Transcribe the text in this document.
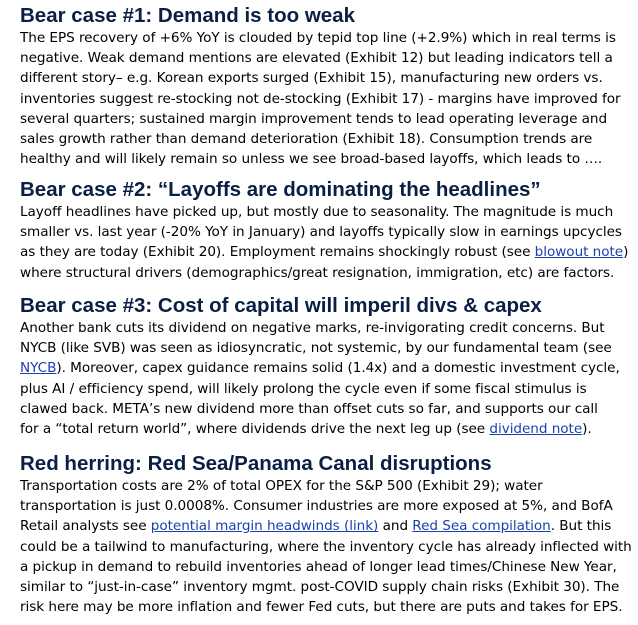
Bear case #1: Demand is too weak

The EPS recovery of +6% YoY is clouded by tepid top line (+2.9%) which in real terms is

negative. Weak demand mentions are elevated (Exhibit 12) but leading indicators tell a

different story– e.g. Korean exports surged (Exhibit 15), manufacturing new orders vs.

inventories suggest re-stocking not de-stocking (Exhibit 17) - margins have improved for

several quarters; sustained margin improvement tends to lead operating leverage and

sales growth rather than demand deterioration (Exhibit 18). Consumption trends are

healthy and will likely remain so unless we see broad-based layoffs, which leads to ….

Bear case #2: “Layoffs are dominating the headlines”

Layoff headlines have picked up, but mostly due to seasonality. The magnitude is much

smaller vs. last year (-20% YoY in January) and layoffs typically slow in earnings upcycles

as they are today (Exhibit 20). Employment remains shockingly robust (see blowout note)

where structural drivers (demographics/great resignation, immigration, etc) are factors.

Bear case #3: Cost of capital will imperil divs & capex

Another bank cuts its dividend on negative marks, re-invigorating credit concerns. But

NYCB (like SVB) was seen as idiosyncratic, not systemic, by our fundamental team (see

NYCB). Moreover, capex guidance remains solid (1.4x) and a domestic investment cycle,

plus AI / efficiency spend, will likely prolong the cycle even if some fiscal stimulus is

clawed back. META’s new dividend more than offset cuts so far, and supports our call

for a “total return world”, where dividends drive the next leg up (see dividend note).

Red herring: Red Sea/Panama Canal disruptions

Transportation costs are 2% of total OPEX for the S&P 500 (Exhibit 29); water

transportation is just 0.0008%. Consumer industries are more exposed at 5%, and BofA

Retail analysts see potential margin headwinds (link) and Red Sea compilation. But this

could be a tailwind to manufacturing, where the inventory cycle has already inflected with

a pickup in demand to rebuild inventories ahead of longer lead times/Chinese New Year,

similar to “just-in-case” inventory mgmt. post-COVID supply chain risks (Exhibit 30). The

risk here may be more inflation and fewer Fed cuts, but there are puts and takes for EPS.
